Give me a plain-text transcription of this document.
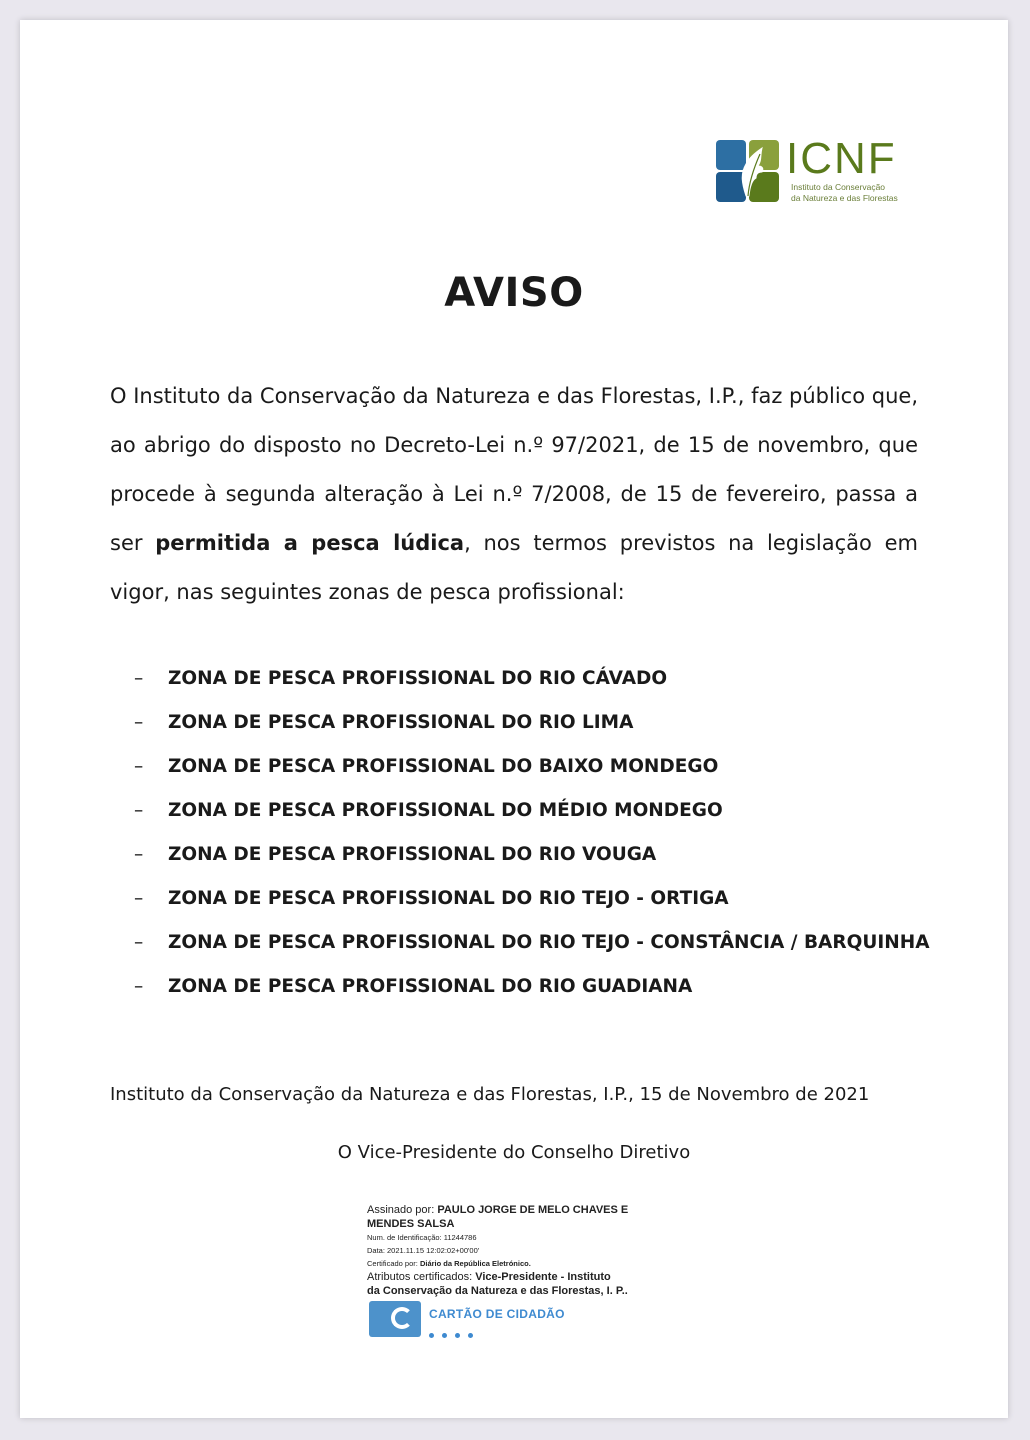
ICNF
Instituto da Conservação
da Natureza e das Florestas
AVISO

O Instituto da Conservação da Natureza e das Florestas, I.P., faz público que, ao abrigo do disposto no Decreto-Lei n.º 97/2021, de 15 de novembro, que procede à segunda alteração à Lei n.º 7/2008, de 15 de fevereiro, passa a ser permitida a pesca lúdica, nos termos previstos na legislação em vigor, nas seguintes zonas de pesca profissional:

– ZONA DE PESCA PROFISSIONAL DO RIO CÁVADO
– ZONA DE PESCA PROFISSIONAL DO RIO LIMA
– ZONA DE PESCA PROFISSIONAL DO BAIXO MONDEGO
– ZONA DE PESCA PROFISSIONAL DO MÉDIO MONDEGO
– ZONA DE PESCA PROFISSIONAL DO RIO VOUGA
– ZONA DE PESCA PROFISSIONAL DO RIO TEJO - ORTIGA
– ZONA DE PESCA PROFISSIONAL DO RIO TEJO - CONSTÂNCIA / BARQUINHA
– ZONA DE PESCA PROFISSIONAL DO RIO GUADIANA

Instituto da Conservação da Natureza e das Florestas, I.P., 15 de Novembro de 2021

O Vice-Presidente do Conselho Diretivo

Assinado por: PAULO JORGE DE MELO CHAVES E

MENDES SALSA

Num. de Identificação: 11244786

Data: 2021.11.15 12:02:02+00'00'

Certificado por: Diário da República Eletrónico.

Atributos certificados: Vice-Presidente - Instituto

da Conservação da Natureza e das Florestas, I. P..

CARTÃO DE CIDADÃO
